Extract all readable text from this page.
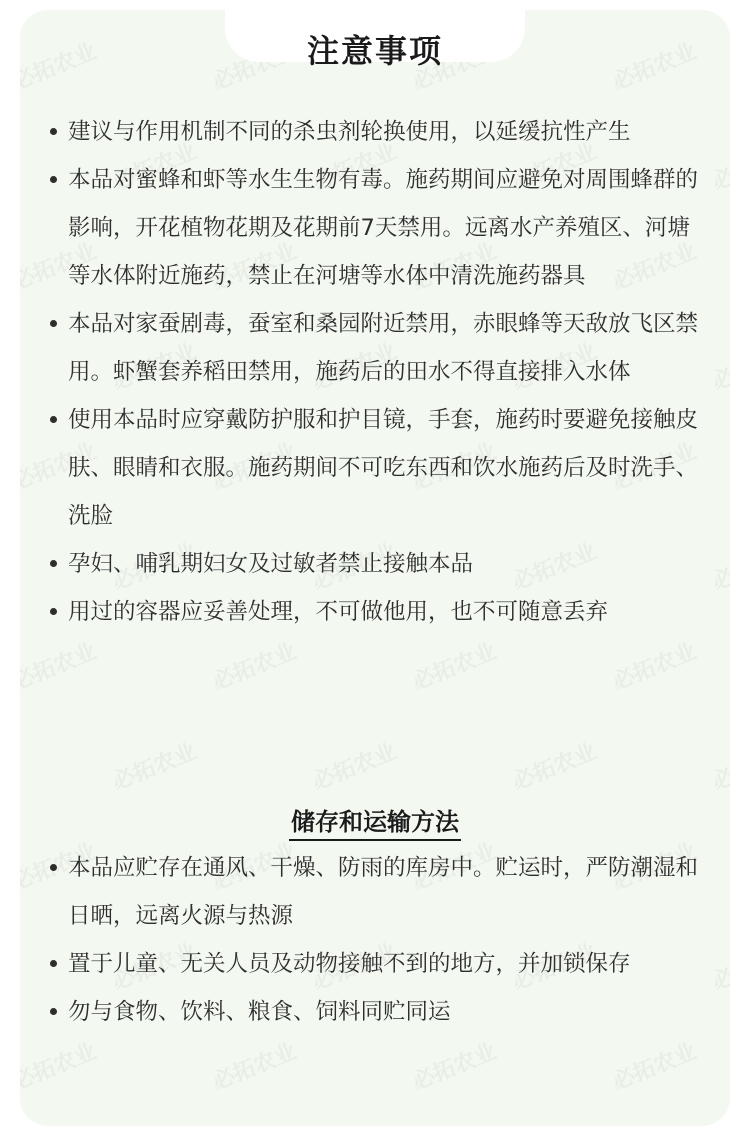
注意事项
建议与作用机制不同的杀虫剂轮换使用，以延缓抗性产生
本品对蜜蜂和虾等水生生物有毒。施药期间应避免对周围蜂群的影响，开花植物花期及花期前7天禁用。远离水产养殖区、河塘等水体附近施药，禁止在河塘等水体中清洗施药器具
本品对家蚕剧毒，蚕室和桑园附近禁用，赤眼蜂等天敌放飞区禁用。虾蟹套养稻田禁用，施药后的田水不得直接排入水体
使用本品时应穿戴防护服和护目镜，手套，施药时要避免接触皮肤、眼睛和衣服。施药期间不可吃东西和饮水施药后及时洗手、洗脸
孕妇、哺乳期妇女及过敏者禁止接触本品
用过的容器应妥善处理，不可做他用，也不可随意丢弃
储存和运输方法
本品应贮存在通风、干燥、防雨的库房中。贮运时，严防潮湿和日晒，远离火源与热源
置于儿童、无关人员及动物接触不到的地方，并加锁保存
勿与食物、饮料、粮食、饲料同贮同运
